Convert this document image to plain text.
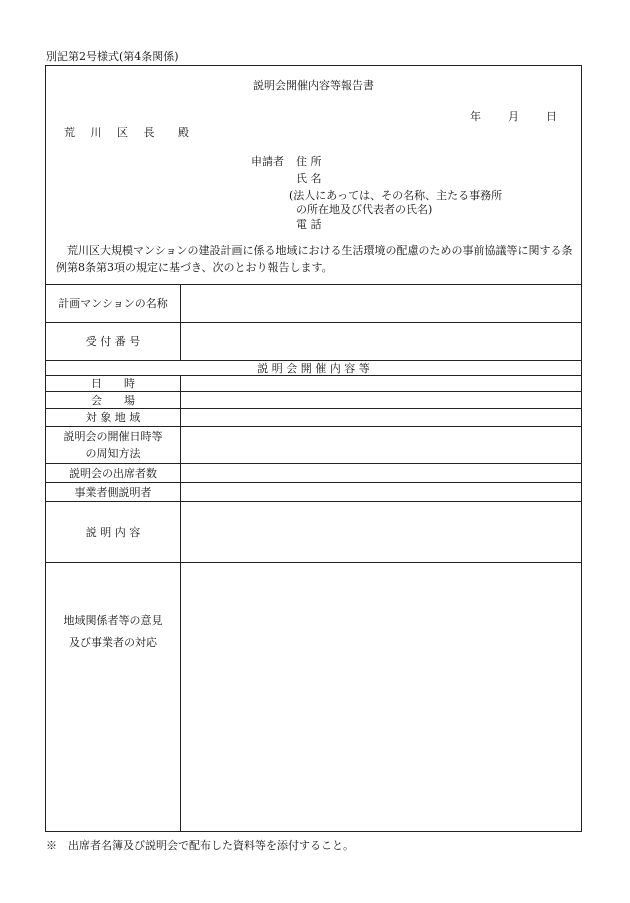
別記第2号様式(第4条関係)
説明会開催内容等報告書
年 月 日
荒 川 区 長 殿
申請者 住 所
氏 名
(法人にあっては、その名称、主たる事務所
の所在地及び代表者の氏名)
電 話
荒川区大規模マンションの建設計画に係る地域における生活環境の配慮のための事前協議等に関する条例第8条第3項の規定に基づき、次のとおり報告します。
計画マンションの名称
受 付 番 号
説 明 会 開 催 内 容 等
日　　時
会　　場
対 象 地 域
説明会の開催日時等
の周知方法
説明会の出席者数
事業者側説明者
説 明 内 容
地域関係者等の意見
及び事業者の対応
※　出席者名簿及び説明会で配布した資料等を添付すること。
